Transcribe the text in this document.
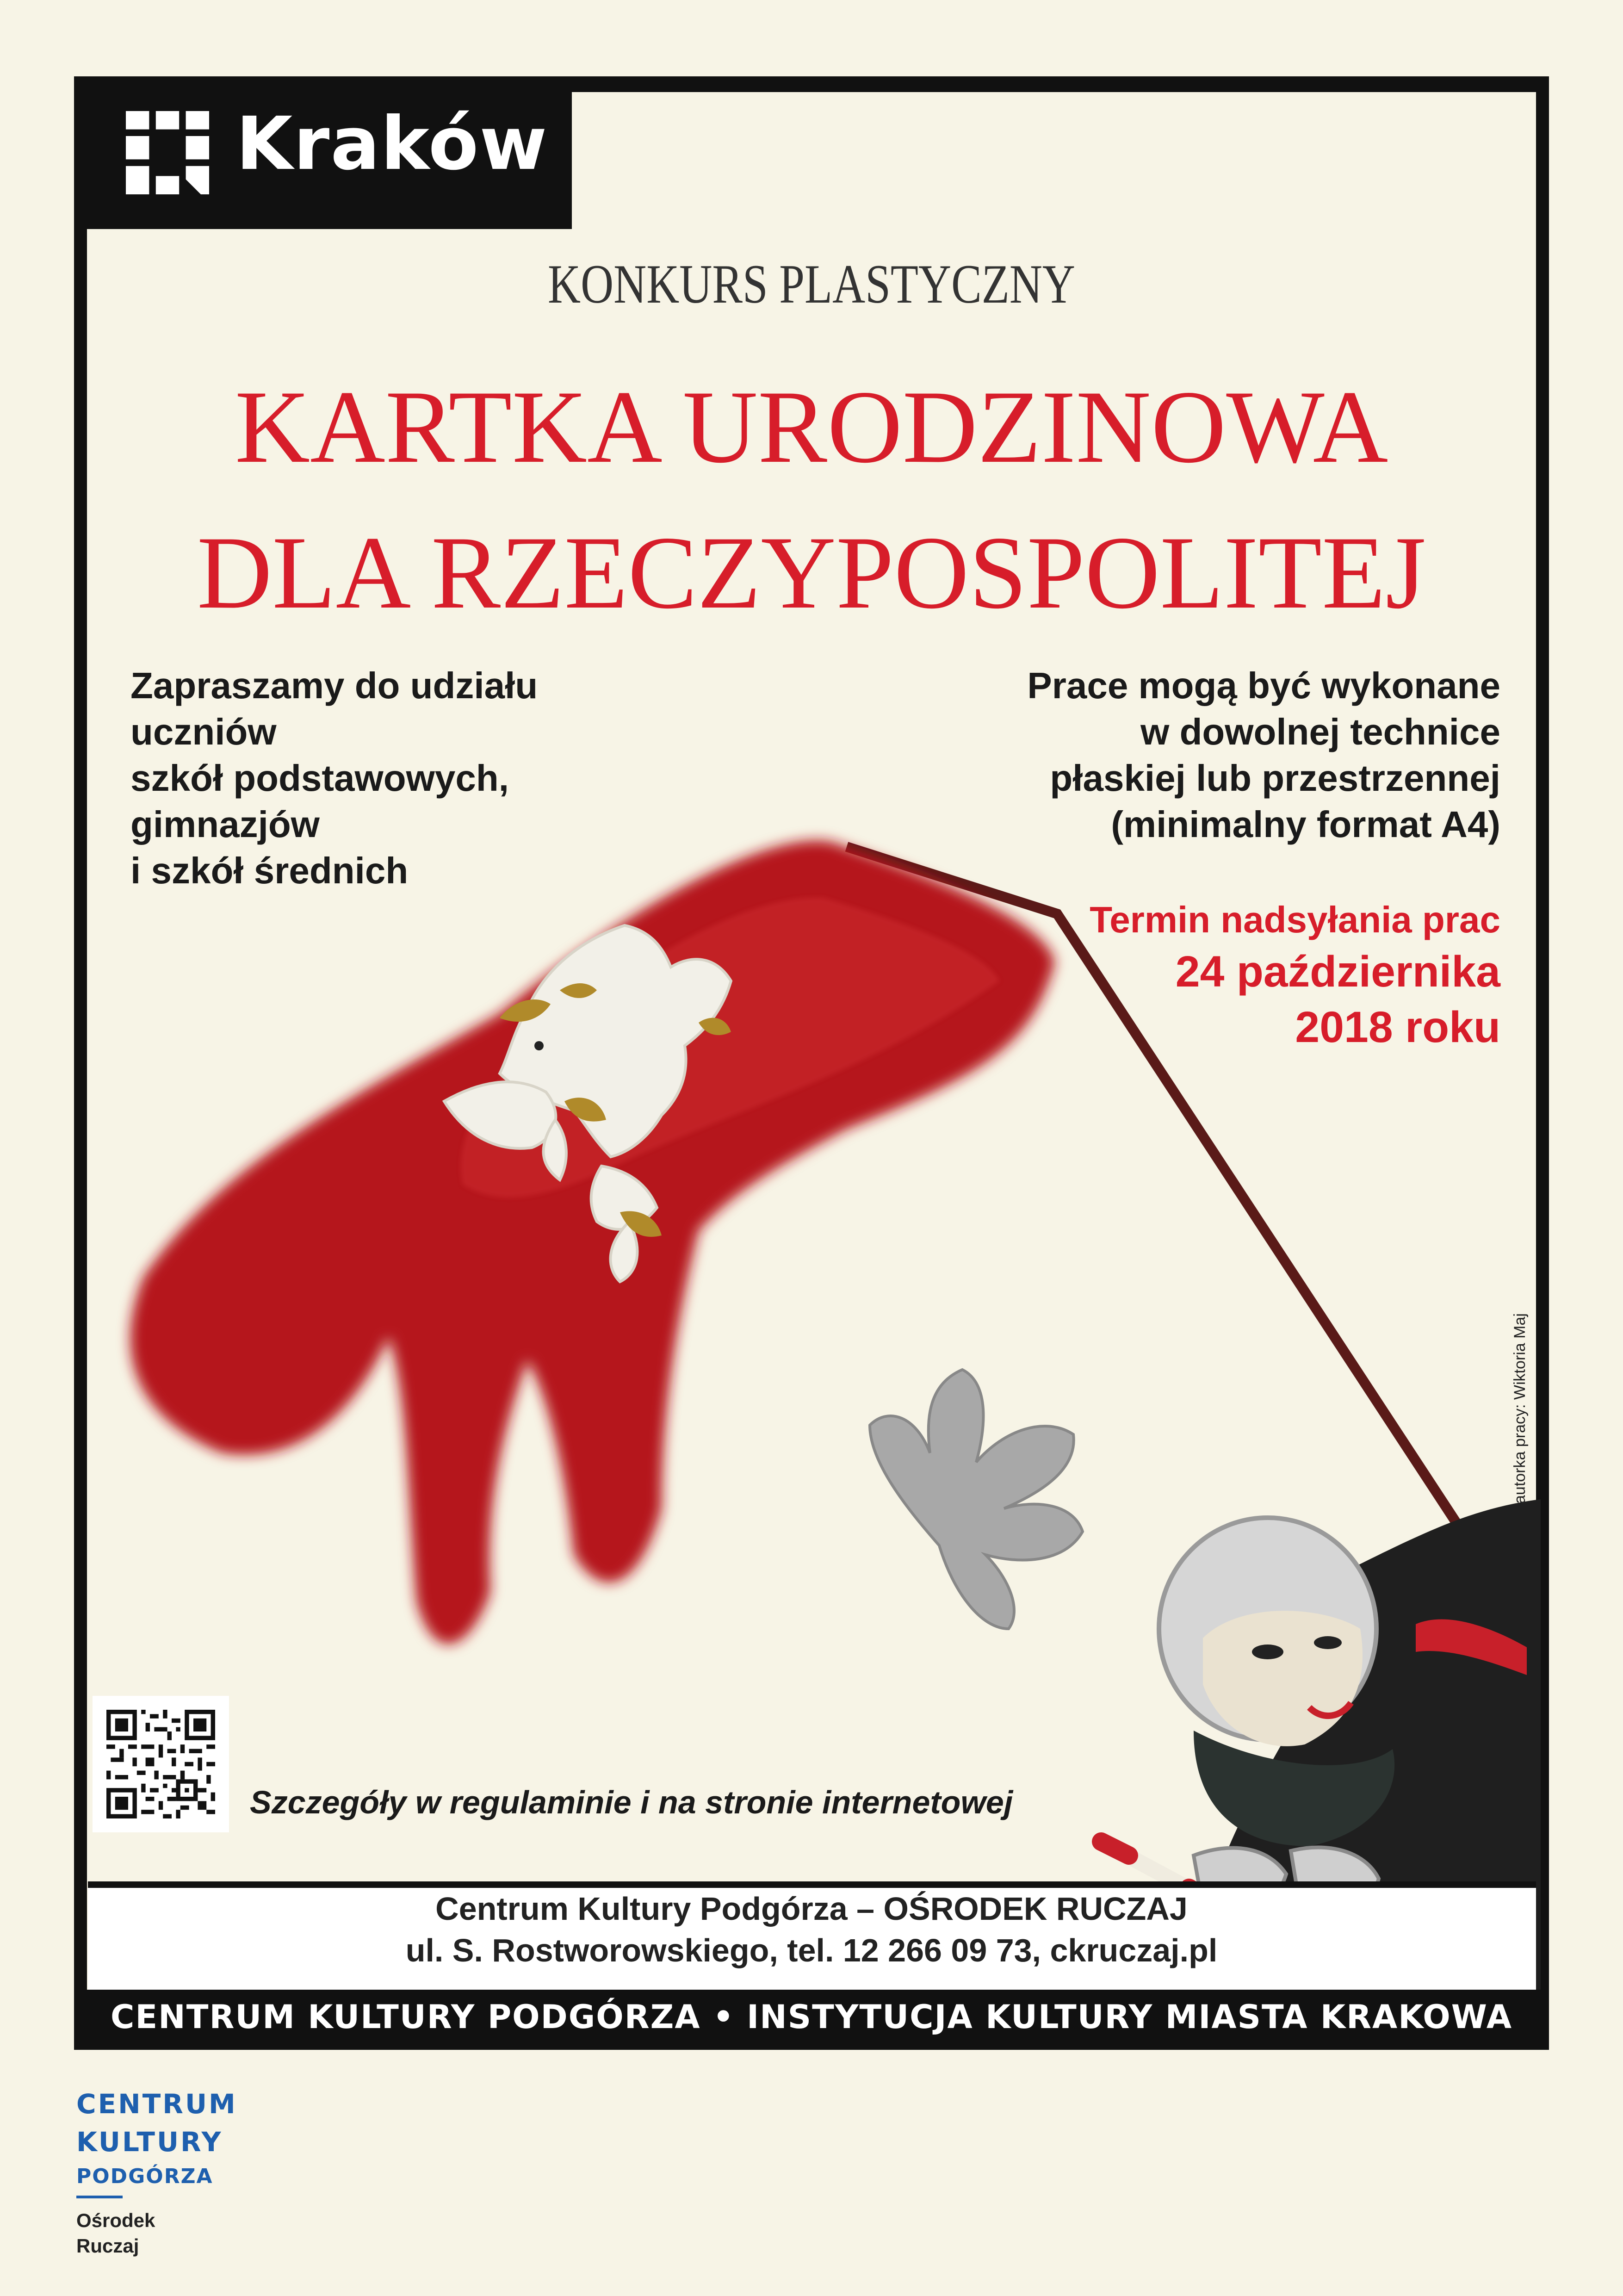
Kraków
KONKURS PLASTYCZNY
KARTKA URODZINOWA
DLA RZECZYPOSPOLITEJ
Zapraszamy do udziału
uczniów
szkół podstawowych,
gimnazjów
i szkół średnich
Prace mogą być wykonane
w dowolnej technice
płaskiej lub przestrzennej
(minimalny format A4)
Termin nadsyłania prac
24 października
2018 roku
autorka pracy: Wiktoria Maj
Szczegóły w regulaminie i na stronie internetowej
Centrum Kultury Podgórza – OŚRODEK RUCZAJ
ul. S. Rostworowskiego, tel. 12 266 09 73, ckruczaj.pl
CENTRUM KULTURY PODGÓRZA • INSTYTUCJA KULTURY MIASTA KRAKOWA
CENTRUM
KULTURY
PODGÓRZA
Ośrodek
Ruczaj
